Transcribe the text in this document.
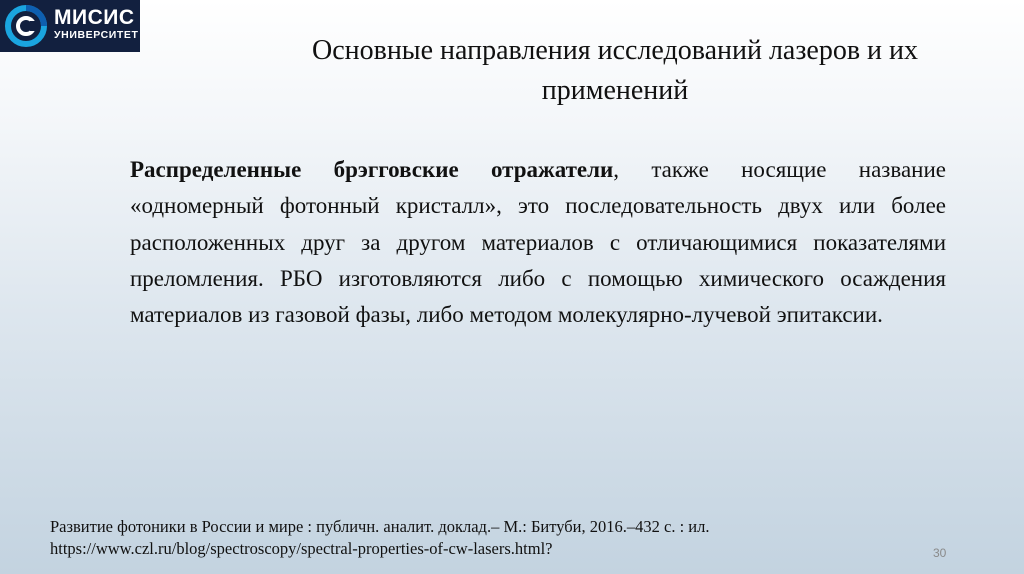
МИСИС
УНИВЕРСИТЕТ	Основные направления исследований лазеров и их
применений
Распределенные брэгговские отражатели, также носящие название «одномерный фотонный кристалл», это последовательность двух или более расположенных друг за другом материалов с отличающимися показателями преломления. РБО изготовляются либо с помощью химического осаждения материалов из газовой фазы, либо методом молекулярно-лучевой эпитаксии.
Развитие фотоники в России и мире : публичн. аналит. доклад.– М.: Битуби, 2016.–432 с. : ил.
https://www.czl.ru/blog/spectroscopy/spectral-properties-of-cw-lasers.html?	30
